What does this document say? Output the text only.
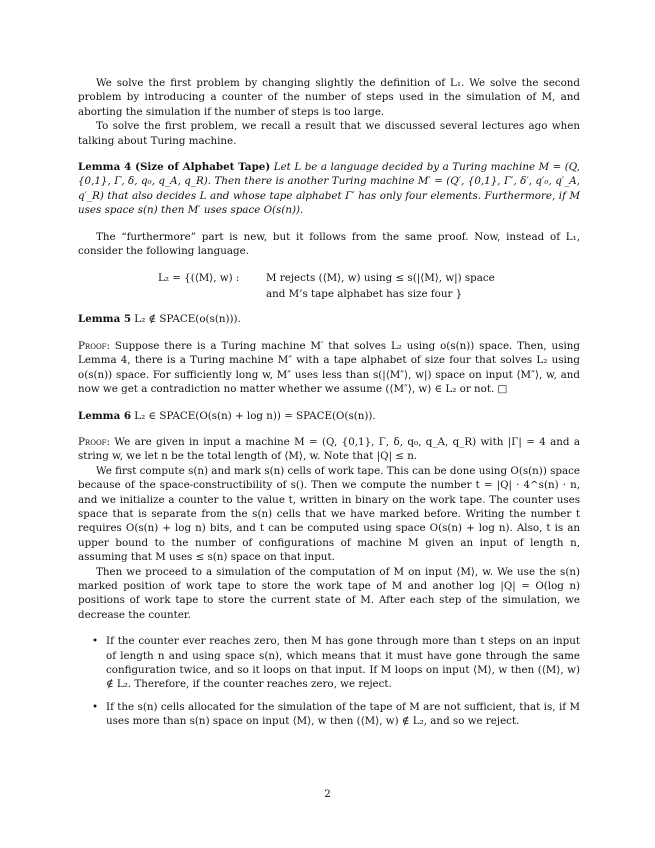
We solve the first problem by changing slightly the definition of L₁. We solve the second problem by introducing a counter of the number of steps used in the simulation of M, and aborting the simulation if the number of steps is too large.

To solve the first problem, we recall a result that we discussed several lectures ago when talking about Turing machine.

Lemma 4 (Size of Alphabet Tape) Let L be a language decided by a Turing machine M = (Q, {0,1}, Γ, δ, q₀, q_A, q_R). Then there is another Turing machine M′ = (Q′, {0,1}, Γ′, δ′, q′₀, q′_A, q′_R) that also decides L and whose tape alphabet Γ′ has only four elements. Furthermore, if M uses space s(n) then M′ uses space O(s(n)).

The “furthermore” part is new, but it follows from the same proof. Now, instead of L₁, consider the following language.

L₂ = {(⟨M⟩, w) :	M rejects (⟨M⟩, w) using ≤ s(|⟨M⟩, w|) space
and M’s tape alphabet has size four }

Lemma 5 L₂ ∉ SPACE(o(s(n))).

Proof: Suppose there is a Turing machine M′ that solves L₂ using o(s(n)) space. Then, using Lemma 4, there is a Turing machine M″ with a tape alphabet of size four that solves L₂ using o(s(n)) space. For sufficiently long w, M″ uses less than s(|⟨M″⟩, w|) space on input ⟨M″⟩, w, and now we get a contradiction no matter whether we assume (⟨M″⟩, w) ∈ L₂ or not. □

Lemma 6 L₂ ∈ SPACE(O(s(n) + log n)) = SPACE(O(s(n)).

Proof: We are given in input a machine M = (Q, {0,1}, Γ, δ, q₀, q_A, q_R) with |Γ| = 4 and a string w, we let n be the total length of ⟨M⟩, w. Note that |Q| ≤ n.

We first compute s(n) and mark s(n) cells of work tape. This can be done using O(s(n)) space because of the space-constructibility of s(). Then we compute the number t = |Q| · 4^s(n) · n, and we initialize a counter to the value t, written in binary on the work tape. The counter uses space that is separate from the s(n) cells that we have marked before. Writing the number t requires O(s(n) + log n) bits, and t can be computed using space O(s(n) + log n). Also, t is an upper bound to the number of configurations of machine M given an input of length n, assuming that M uses ≤ s(n) space on that input.

Then we proceed to a simulation of the computation of M on input ⟨M⟩, w. We use the s(n) marked position of work tape to store the work tape of M and another log |Q| = O(log n) positions of work tape to store the current state of M. After each step of the simulation, we decrease the counter.

• If the counter ever reaches zero, then M has gone through more than t steps on an input of length n and using space s(n), which means that it must have gone through the same configuration twice, and so it loops on that input. If M loops on input ⟨M⟩, w then (⟨M⟩, w) ∉ L₂. Therefore, if the counter reaches zero, we reject.
• If the s(n) cells allocated for the simulation of the tape of M are not sufficient, that is, if M uses more than s(n) space on input ⟨M⟩, w then (⟨M⟩, w) ∉ L₂, and so we reject.
2
